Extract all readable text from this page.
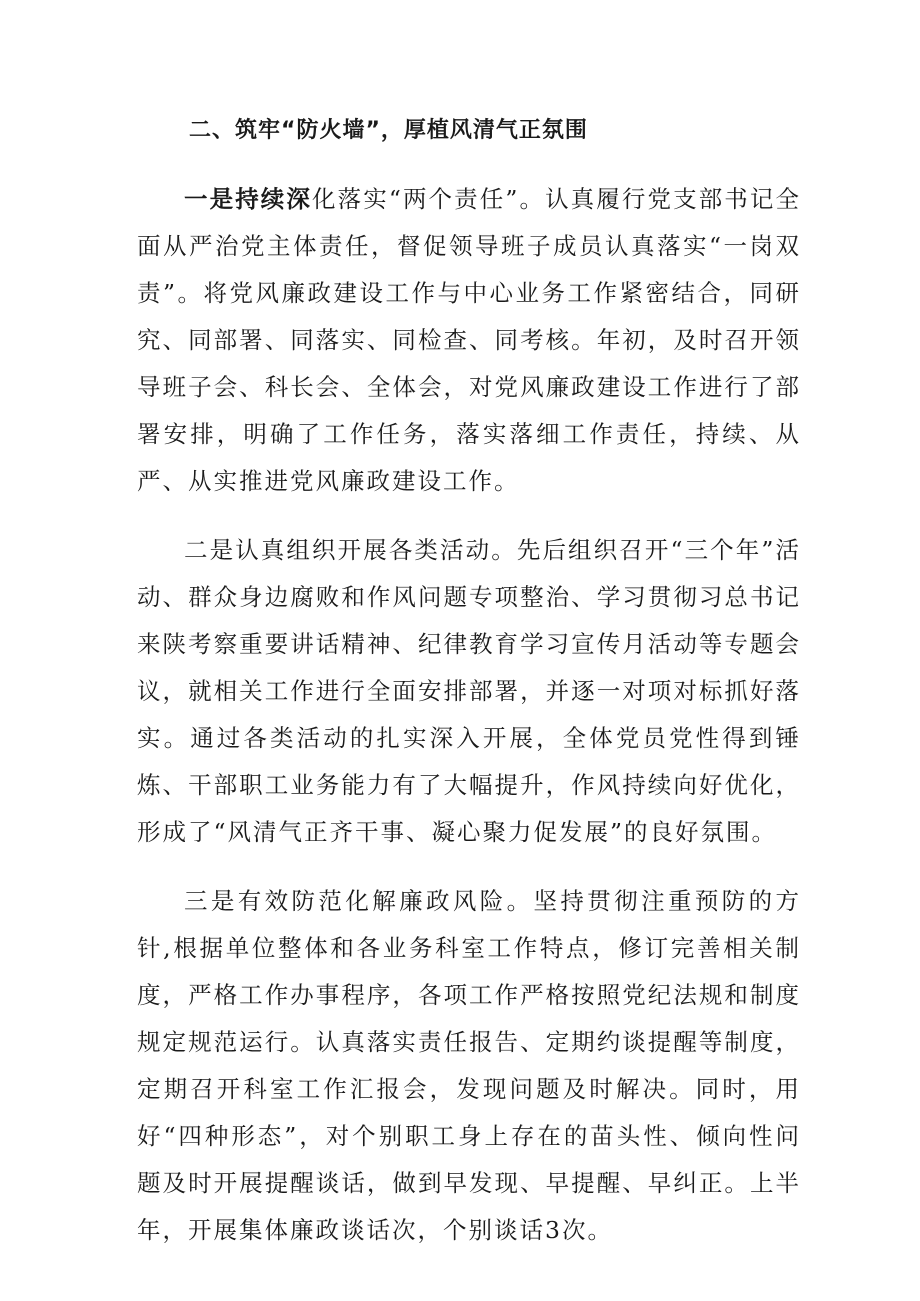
二、筑牢“防火墙”，厚植风清气正氛围

一是持续深化落实“两个责任”。认真履行党支部书记全面从严治党主体责任，督促领导班子成员认真落实“一岗双责”。将党风廉政建设工作与中心业务工作紧密结合，同研究、同部署、同落实、同检查、同考核。年初，及时召开领导班子会、科长会、全体会，对党风廉政建设工作进行了部署安排，明确了工作任务，落实落细工作责任，持续、从严、从实推进党风廉政建设工作。

二是认真组织开展各类活动。先后组织召开“三个年”活动、群众身边腐败和作风问题专项整治、学习贯彻习总书记来陕考察重要讲话精神、纪律教育学习宣传月活动等专题会议，就相关工作进行全面安排部署，并逐一对项对标抓好落实。通过各类活动的扎实深入开展，全体党员党性得到锤炼、干部职工业务能力有了大幅提升，作风持续向好优化，形成了“风清气正齐干事、凝心聚力促发展”的良好氛围。

三是有效防范化解廉政风险。坚持贯彻注重预防的方针,根据单位整体和各业务科室工作特点，修订完善相关制度，严格工作办事程序，各项工作严格按照党纪法规和制度规定规范运行。认真落实责任报告、定期约谈提醒等制度，定期召开科室工作汇报会，发现问题及时解决。同时，用好“四种形态”，对个别职工身上存在的苗头性、倾向性问题及时开展提醒谈话，做到早发现、早提醒、早纠正。上半年，开展集体廉政谈话次，个别谈话3次。
